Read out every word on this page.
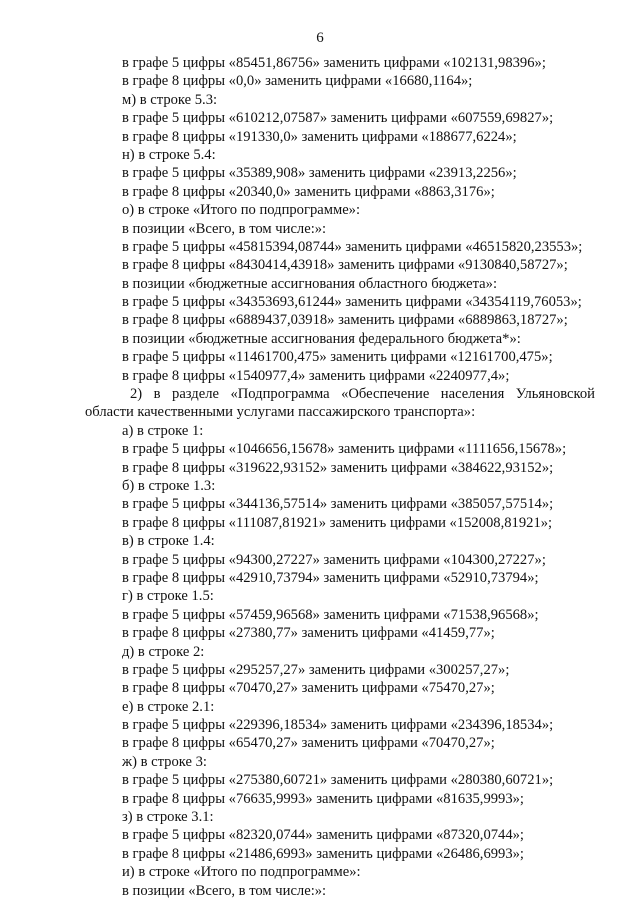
6
в графе 5 цифры «85451,86756» заменить цифрами «102131,98396»;
в графе 8 цифры «0,0» заменить цифрами «16680,1164»;
м) в строке 5.3:
в графе 5 цифры «610212,07587» заменить цифрами «607559,69827»;
в графе 8 цифры «191330,0» заменить цифрами «188677,6224»;
н) в строке 5.4:
в графе 5 цифры «35389,908» заменить цифрами «23913,2256»;
в графе 8 цифры «20340,0» заменить цифрами «8863,3176»;
о) в строке «Итого по подпрограмме»:
в позиции «Всего, в том числе:»:
в графе 5 цифры «45815394,08744» заменить цифрами «46515820,23553»;
в графе 8 цифры «8430414,43918» заменить цифрами «9130840,58727»;
в позиции «бюджетные ассигнования областного бюджета»:
в графе 5 цифры «34353693,61244» заменить цифрами «34354119,76053»;
в графе 8 цифры «6889437,03918» заменить цифрами «6889863,18727»;
в позиции «бюджетные ассигнования федерального бюджета*»:
в графе 5 цифры «11461700,475» заменить цифрами «12161700,475»;
в графе 8 цифры «1540977,4» заменить цифрами «2240977,4»;
2) в разделе «Подпрограмма «Обеспечение населения Ульяновской
области качественными услугами пассажирского транспорта»:
а) в строке 1:
в графе 5 цифры «1046656,15678» заменить цифрами «1111656,15678»;
в графе 8 цифры «319622,93152» заменить цифрами «384622,93152»;
б) в строке 1.3:
в графе 5 цифры «344136,57514» заменить цифрами «385057,57514»;
в графе 8 цифры «111087,81921» заменить цифрами «152008,81921»;
в) в строке 1.4:
в графе 5 цифры «94300,27227» заменить цифрами «104300,27227»;
в графе 8 цифры «42910,73794» заменить цифрами «52910,73794»;
г) в строке 1.5:
в графе 5 цифры «57459,96568» заменить цифрами «71538,96568»;
в графе 8 цифры «27380,77» заменить цифрами «41459,77»;
д) в строке 2:
в графе 5 цифры «295257,27» заменить цифрами «300257,27»;
в графе 8 цифры «70470,27» заменить цифрами «75470,27»;
е) в строке 2.1:
в графе 5 цифры «229396,18534» заменить цифрами «234396,18534»;
в графе 8 цифры «65470,27» заменить цифрами «70470,27»;
ж) в строке 3:
в графе 5 цифры «275380,60721» заменить цифрами «280380,60721»;
в графе 8 цифры «76635,9993» заменить цифрами «81635,9993»;
з) в строке 3.1:
в графе 5 цифры «82320,0744» заменить цифрами «87320,0744»;
в графе 8 цифры «21486,6993» заменить цифрами «26486,6993»;
и) в строке «Итого по подпрограмме»:
в позиции «Всего, в том числе:»:
